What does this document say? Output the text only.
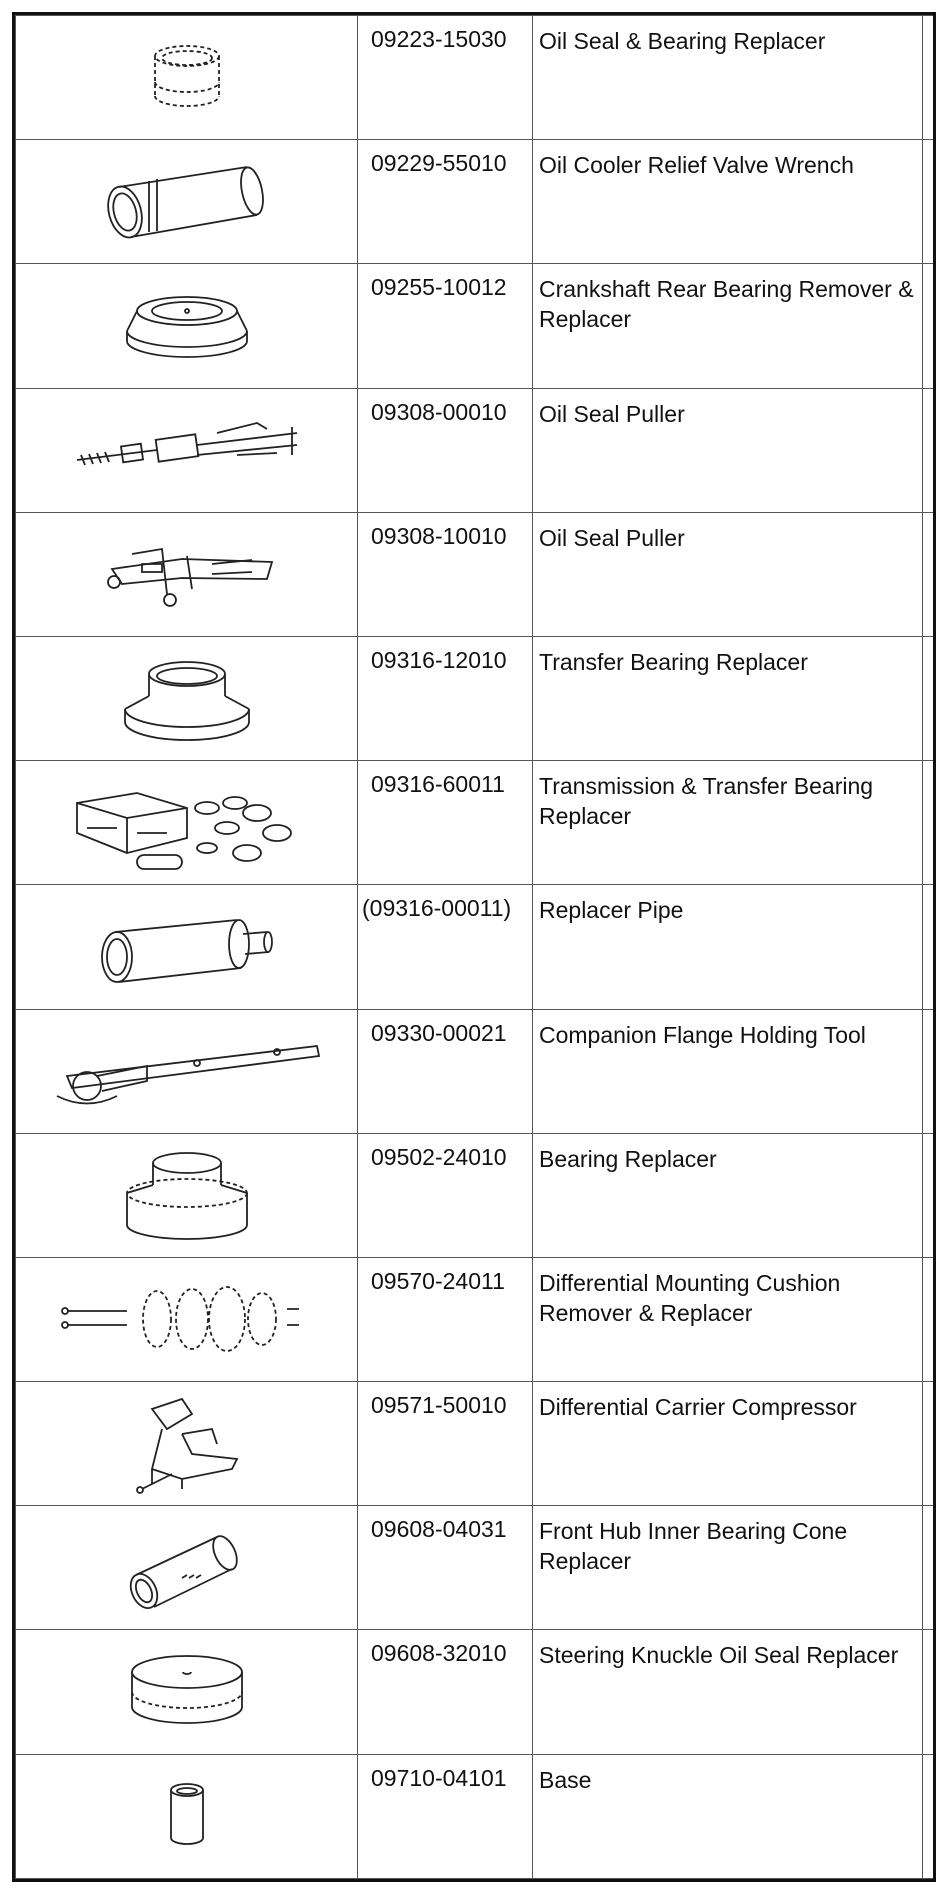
	09223-15030	Oil Seal & Bearing Replacer	

	09229-55010	Oil Cooler Relief Valve Wrench	

	09255-10012	Crankshaft Rear Bearing Remover & Replacer	

	09308-00010	Oil Seal Puller	

	09308-10010	Oil Seal Puller	

	09316-12010	Transfer Bearing Replacer	

	09316-60011	Transmission & Transfer Bearing Replacer	

	(09316-00011)	Replacer Pipe	

	09330-00021	Companion Flange Holding Tool	

	09502-24010	Bearing Replacer	

	09570-24011	Differential Mounting Cushion Remover & Replacer	

	09571-50010	Differential Carrier Compressor	

	09608-04031	Front Hub Inner Bearing Cone Replacer	

	09608-32010	Steering Knuckle Oil Seal Replacer	

	09710-04101	Base	
